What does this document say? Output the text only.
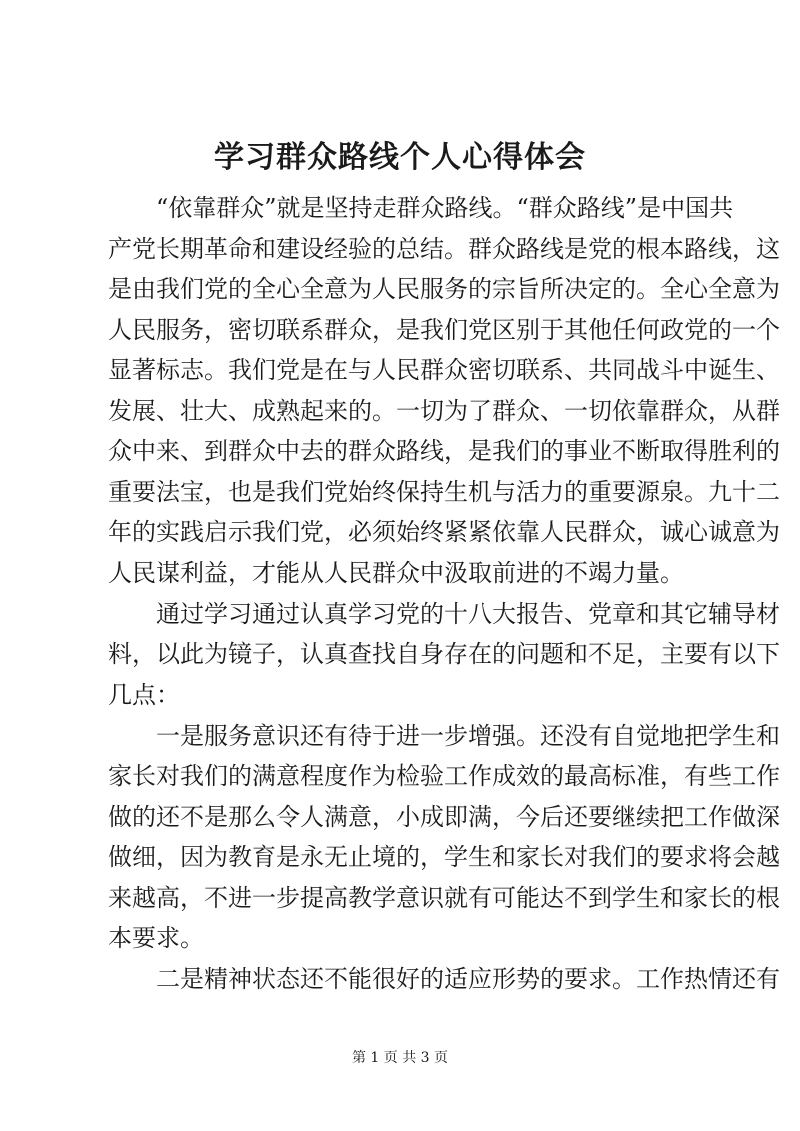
学习群众路线个人心得体会
　　“依靠群众”就是坚持走群众路线。“群众路线”是中国共
产党长期革命和建设经验的总结。群众路线是党的根本路线，这
是由我们党的全心全意为人民服务的宗旨所决定的。全心全意为
人民服务，密切联系群众，是我们党区别于其他任何政党的一个
显著标志。我们党是在与人民群众密切联系、共同战斗中诞生、
发展、壮大、成熟起来的。一切为了群众、一切依靠群众，从群
众中来、到群众中去的群众路线，是我们的事业不断取得胜利的
重要法宝，也是我们党始终保持生机与活力的重要源泉。九十二
年的实践启示我们党，必须始终紧紧依靠人民群众，诚心诚意为
人民谋利益，才能从人民群众中汲取前进的不竭力量。
　　通过学习通过认真学习党的十八大报告、党章和其它辅导材
料，以此为镜子，认真查找自身存在的问题和不足，主要有以下
几点：
　　一是服务意识还有待于进一步增强。还没有自觉地把学生和
家长对我们的满意程度作为检验工作成效的最高标准，有些工作
做的还不是那么令人满意，小成即满，今后还要继续把工作做深
做细，因为教育是永无止境的，学生和家长对我们的要求将会越
来越高，不进一步提高教学意识就有可能达不到学生和家长的根
本要求。
　　二是精神状态还不能很好的适应形势的要求。工作热情还有
第 1 页 共 3 页
